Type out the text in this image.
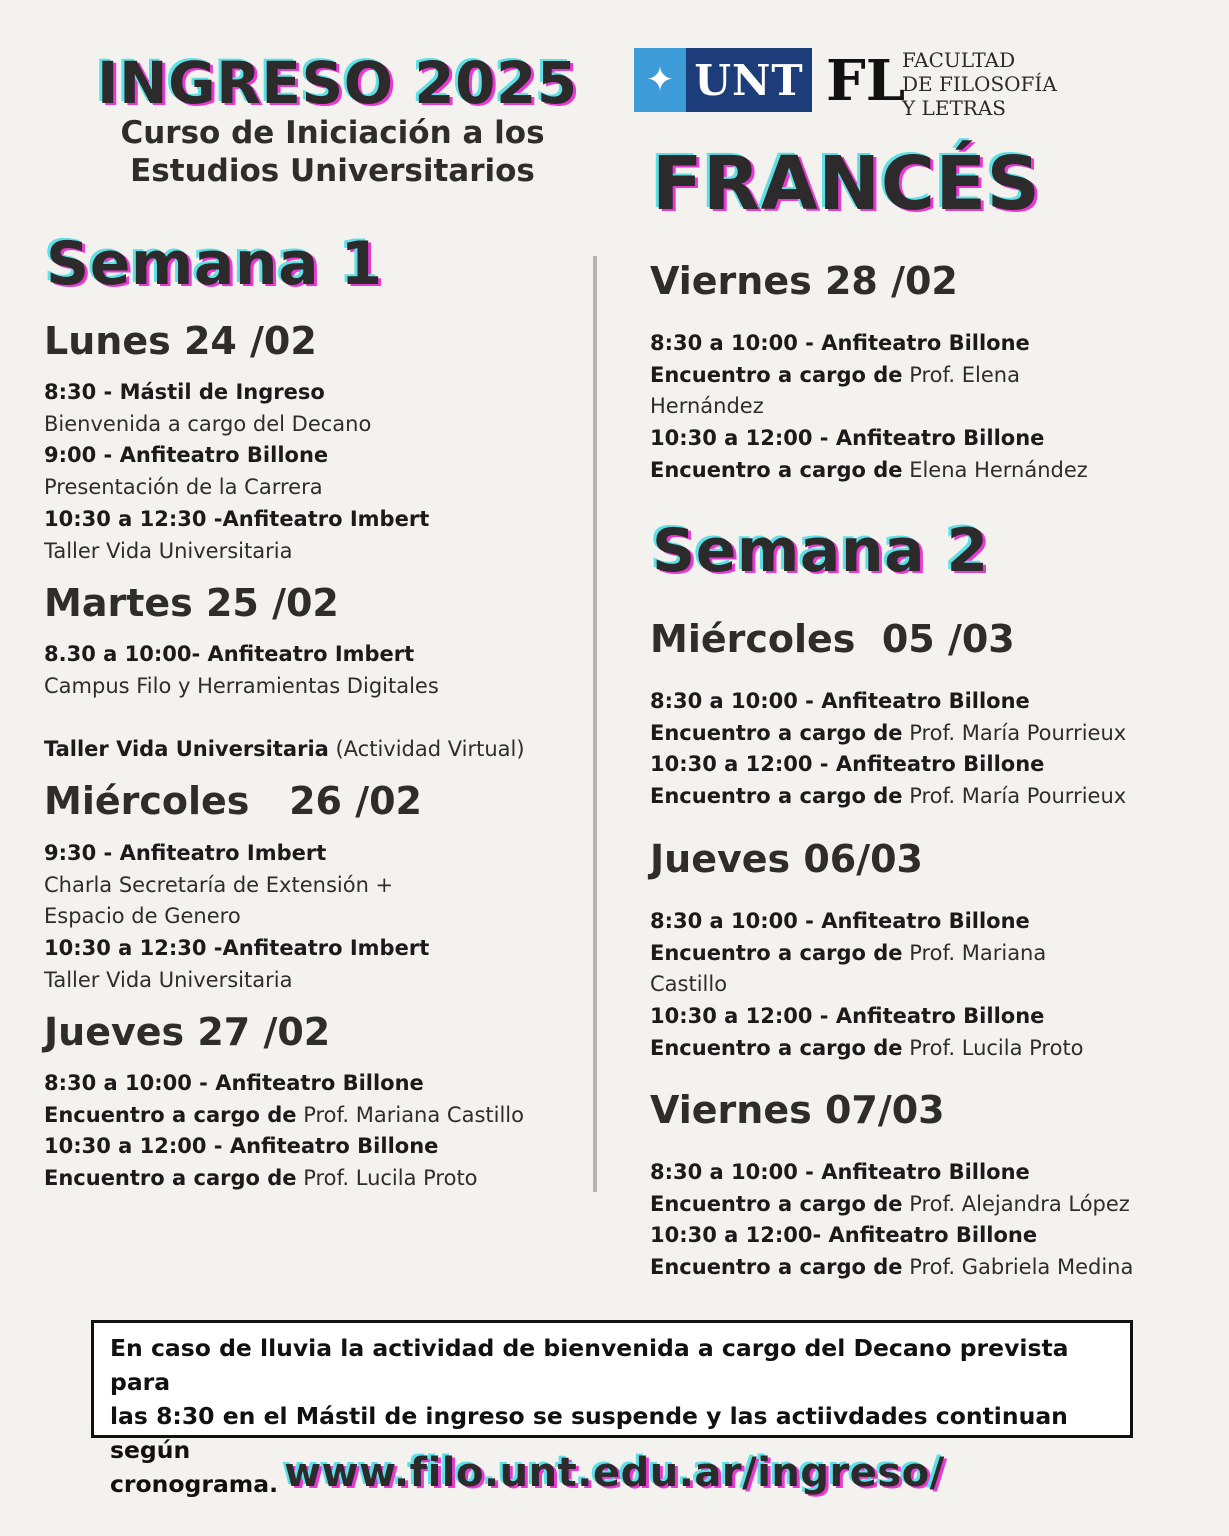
INGRESO 2025
Curso de Iniciación a los
Estudios Universitarios
✦ UNT FL
FACULTAD
DE FILOSOFÍA
Y LETRAS
FRANCÉS
Semana 1
Lunes 24 /02
8:30 - Mástil de Ingreso
Bienvenida a cargo del Decano
9:00 - Anfiteatro Billone
Presentación de la Carrera
10:30 a 12:30 -Anfiteatro Imbert
Taller Vida Universitaria
Martes 25 /02
8.30 a 10:00- Anfiteatro Imbert
Campus Filo y Herramientas Digitales
Taller Vida Universitaria (Actividad Virtual)
Miércoles   26 /02
9:30 - Anfiteatro Imbert
Charla Secretaría de Extensión +
Espacio de Genero
10:30 a 12:30 -Anfiteatro Imbert
Taller Vida Universitaria
Jueves 27 /02
8:30 a 10:00 - Anfiteatro Billone
Encuentro a cargo de Prof. Mariana Castillo
10:30 a 12:00 - Anfiteatro Billone
Encuentro a cargo de Prof. Lucila Proto
Viernes 28 /02
8:30 a 10:00 - Anfiteatro Billone
Encuentro a cargo de Prof. Elena
Hernández
10:30 a 12:00 - Anfiteatro Billone
Encuentro a cargo de Elena Hernández
Semana 2
Miércoles  05 /03
8:30 a 10:00 - Anfiteatro Billone
Encuentro a cargo de Prof. María Pourrieux
10:30 a 12:00 - Anfiteatro Billone
Encuentro a cargo de Prof. María Pourrieux
Jueves 06/03
8:30 a 10:00 - Anfiteatro Billone
Encuentro a cargo de Prof. Mariana
Castillo
10:30 a 12:00 - Anfiteatro Billone
Encuentro a cargo de Prof. Lucila Proto
Viernes 07/03
8:30 a 10:00 - Anfiteatro Billone
Encuentro a cargo de Prof. Alejandra López
10:30 a 12:00- Anfiteatro Billone
Encuentro a cargo de Prof. Gabriela Medina
En caso de lluvia la actividad de bienvenida a cargo del Decano prevista para
las 8:30 en el Mástil de ingreso se suspende y las actiivdades continuan según
cronograma. www.filo.unt.edu.ar/ingreso/
